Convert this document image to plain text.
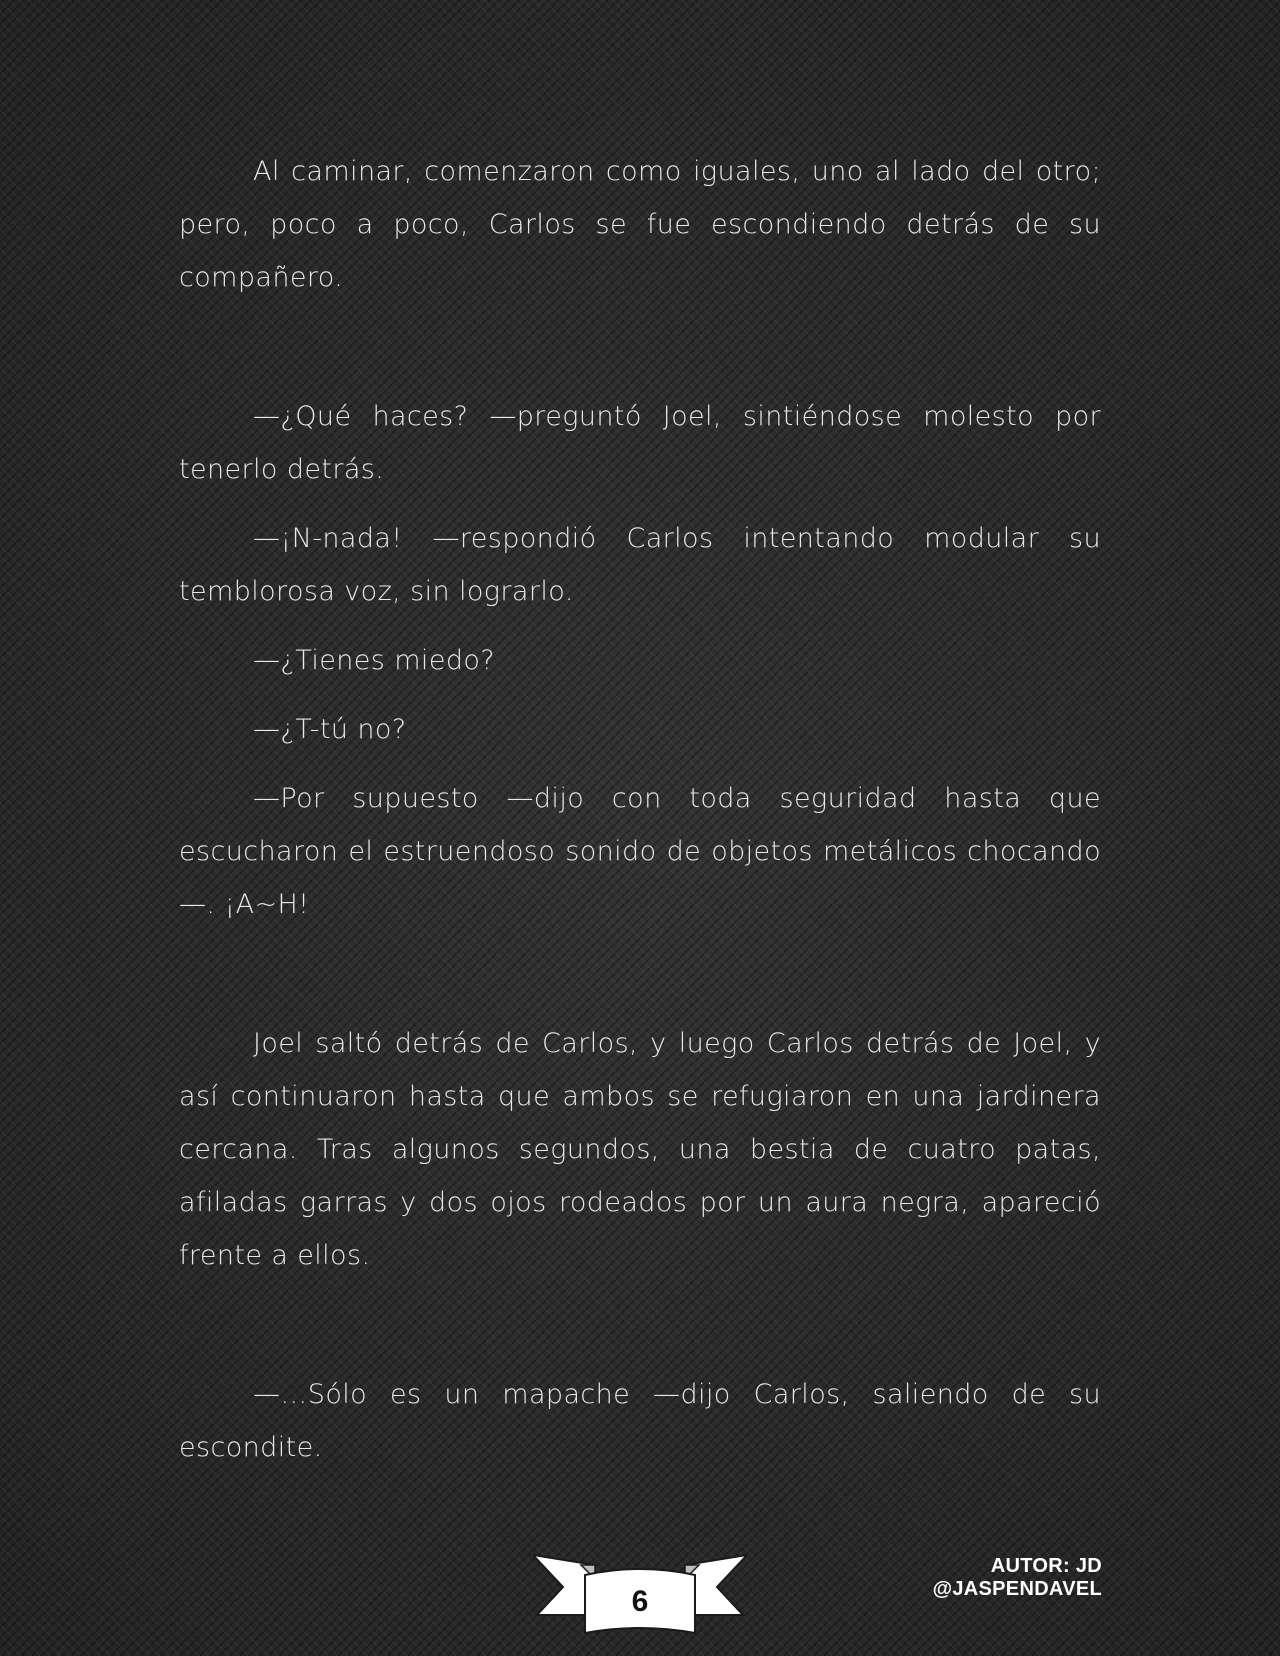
Al caminar, comenzaron como iguales, uno al lado del otro; pero, poco a poco, Carlos se fue escondiendo detrás de su compañero.

—¿Qué haces? —preguntó Joel, sintiéndose molesto por tenerlo detrás.

—¡N-nada! —respondió Carlos intentando modular su temblorosa voz, sin lograrlo.

—¿Tienes miedo?

—¿T-tú no?

—Por supuesto —dijo con toda seguridad hasta que escucharon el estruendoso sonido de objetos metálicos chocando—. ¡A~H!

Joel saltó detrás de Carlos, y luego Carlos detrás de Joel, y así continuaron hasta que ambos se refugiaron en una jardinera cercana. Tras algunos segundos, una bestia de cuatro patas, afiladas garras y dos ojos rodeados por un aura negra, apareció frente a ellos.

—…Sólo es un mapache —dijo Carlos, saliendo de su escondite.

6
AUTOR: JD @JASPENDAVEL
